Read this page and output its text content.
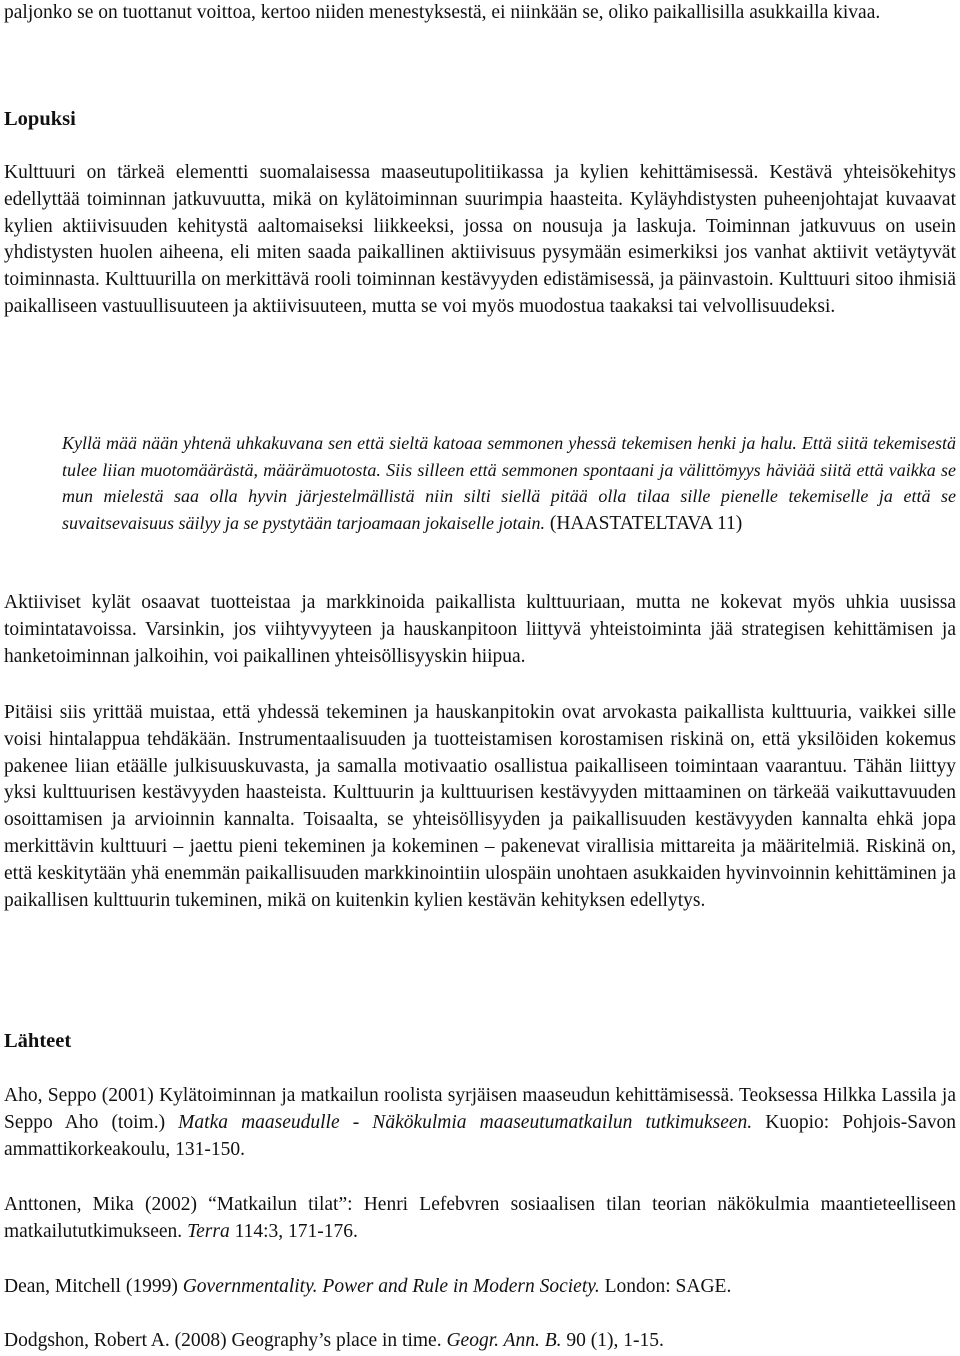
paljonko se on tuottanut voittoa, kertoo niiden menestyksestä, ei niinkään se, oliko paikallisilla asukkailla kivaa.

Lopuksi

Kulttuuri on tärkeä elementti suomalaisessa maaseutupolitiikassa ja kylien kehittämisessä. Kestävä yhteisökehitys edellyttää toiminnan jatkuvuutta, mikä on kylätoiminnan suurimpia haasteita. Kyläyhdistysten puheenjohtajat kuvaavat kylien aktiivisuuden kehitystä aaltomaiseksi liikkeeksi, jossa on nousuja ja laskuja. Toiminnan jatkuvuus on usein yhdistysten huolen aiheena, eli miten saada paikallinen aktiivisuus pysymään esimerkiksi jos vanhat aktiivit vetäytyvät toiminnasta. Kulttuurilla on merkittävä rooli toiminnan kestävyyden edistämisessä, ja päinvastoin. Kulttuuri sitoo ihmisiä paikalliseen vastuullisuuteen ja aktiivisuuteen, mutta se voi myös muodostua taakaksi tai velvollisuudeksi.

Kyllä mää nään yhtenä uhkakuvana sen että sieltä katoaa semmonen yhessä tekemisen henki ja halu. Että siitä tekemisestä tulee liian muotomäärästä, määrämuotosta. Siis silleen että semmonen spontaani ja välittömyys häviää siitä että vaikka se mun mielestä saa olla hyvin järjestelmällistä niin silti siellä pitää olla tilaa sille pienelle tekemiselle ja että se suvaitsevaisuus säilyy ja se pystytään tarjoamaan jokaiselle jotain. (HAASTATELTAVA 11)

Aktiiviset kylät osaavat tuotteistaa ja markkinoida paikallista kulttuuriaan, mutta ne kokevat myös uhkia uusissa toimintatavoissa. Varsinkin, jos viihtyvyyteen ja hauskanpitoon liittyvä yhteistoiminta jää strategisen kehittämisen ja hanketoiminnan jalkoihin, voi paikallinen yhteisöllisyyskin hiipua.

Pitäisi siis yrittää muistaa, että yhdessä tekeminen ja hauskanpitokin ovat arvokasta paikallista kulttuuria, vaikkei sille voisi hintalappua tehdäkään. Instrumentaalisuuden ja tuotteistamisen korostamisen riskinä on, että yksilöiden kokemus pakenee liian etäälle julkisuuskuvasta, ja samalla motivaatio osallistua paikalliseen toimintaan vaarantuu. Tähän liittyy yksi kulttuurisen kestävyyden haasteista. Kulttuurin ja kulttuurisen kestävyyden mittaaminen on tärkeää vaikuttavuuden osoittamisen ja arvioinnin kannalta. Toisaalta, se yhteisöllisyyden ja paikallisuuden kestävyyden kannalta ehkä jopa merkittävin kulttuuri – jaettu pieni tekeminen ja kokeminen – pakenevat virallisia mittareita ja määritelmiä. Riskinä on, että keskitytään yhä enemmän paikallisuuden markkinointiin ulospäin unohtaen asukkaiden hyvinvoinnin kehittäminen ja paikallisen kulttuurin tukeminen, mikä on kuitenkin kylien kestävän kehityksen edellytys.

Lähteet

Aho, Seppo (2001) Kylätoiminnan ja matkailun roolista syrjäisen maaseudun kehittämisessä. Teoksessa Hilkka Lassila ja Seppo Aho (toim.) Matka maaseudulle - Näkökulmia maaseutumatkailun tutkimukseen. Kuopio: Pohjois-Savon ammattikorkeakoulu, 131-150.

Anttonen, Mika (2002) “Matkailun tilat”: Henri Lefebvren sosiaalisen tilan teorian näkökulmia maantieteelliseen matkailututkimukseen. Terra 114:3, 171-176.

Dean, Mitchell (1999) Governmentality. Power and Rule in Modern Society. London: SAGE.

Dodgshon, Robert A. (2008) Geography’s place in time. Geogr. Ann. B. 90 (1), 1-15.
